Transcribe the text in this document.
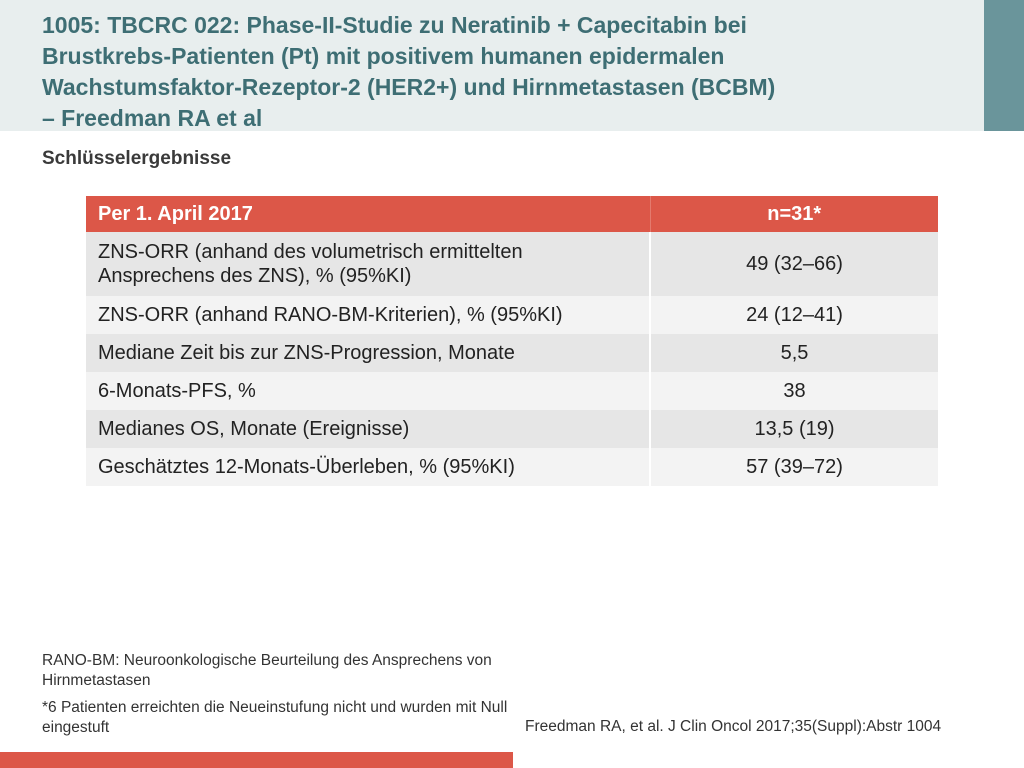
1005: TBCRC 022: Phase-II-Studie zu Neratinib + Capecitabin bei
Brustkrebs-Patienten (Pt) mit positivem humanen epidermalen
Wachstumsfaktor-Rezeptor-2 (HER2+) und Hirnmetastasen (BCBM)
– Freedman RA et al
Schlüsselergebnisse
Per 1. April 2017	n=31*
ZNS-ORR (anhand des volumetrisch ermittelten Ansprechens des ZNS), % (95%KI)	49 (32–66)
ZNS-ORR (anhand RANO-BM-Kriterien), % (95%KI)	24 (12–41)
Mediane Zeit bis zur ZNS-Progression, Monate	5,5
6-Monats-PFS, %	38
Medianes OS, Monate (Ereignisse)	13,5 (19)
Geschätztes 12-Monats-Überleben, % (95%KI)	57 (39–72)

RANO-BM: Neuroonkologische Beurteilung des Ansprechens von Hirnmetastasen

*6 Patienten erreichten die Neueinstufung nicht und wurden mit Null eingestuft	Freedman RA, et al. J Clin Oncol 2017;35(Suppl):Abstr 1004
